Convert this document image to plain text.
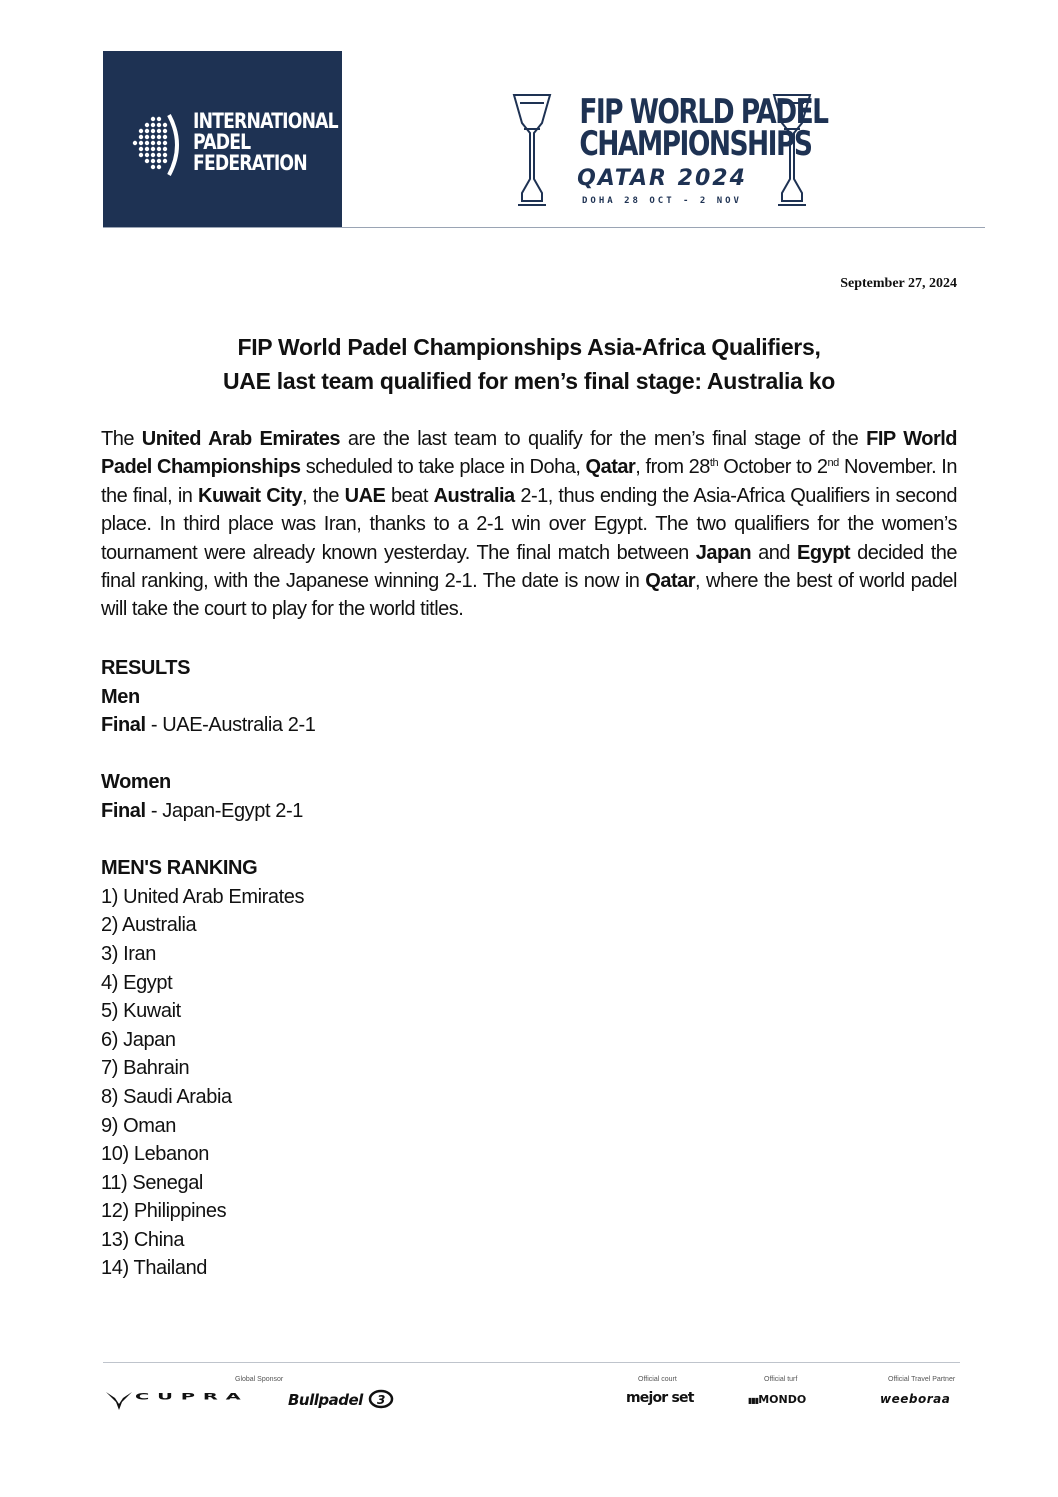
INTERNATIONAL
PADEL
FEDERATION
FIP WORLD PADEL
CHAMPIONSHIPS
QATAR 2024
DOHA 28 OCT - 2 NOV
September 27, 2024
FIP World Padel Championships Asia-Africa Qualifiers,
UAE last team qualified for men’s final stage: Australia ko
The United Arab Emirates are the last team to qualify for the men’s final stage of the FIP World Padel Championships scheduled to take place in Doha, Qatar, from 28th October to 2nd November. In the final, in Kuwait City, the UAE beat Australia 2-1, thus ending the Asia-Africa Qualifiers in second place. In third place was Iran, thanks to a 2-1 win over Egypt. The two qualifiers for the women’s tournament were already known yesterday. The final match between Japan and Egypt decided the final ranking, with the Japanese winning 2-1. The date is now in Qatar, where the best of world padel will take the court to play for the world titles.
RESULTS
Men
Final - UAE-Australia 2-1
Women
Final - Japan-Egypt 2-1
MEN'S RANKING
1) United Arab Emirates
2) Australia
3) Iran
4) Egypt
5) Kuwait
6) Japan
7) Bahrain
8) Saudi Arabia
9) Oman
10) Lebanon
11) Senegal
12) Philippines
13) China
14) Thailand
Global Sponsor	Official court	Official turf	Official Travel Partner
CUPRA	Bullpadel 3	mejor set	▮▮▮MONDO	weeboraa
